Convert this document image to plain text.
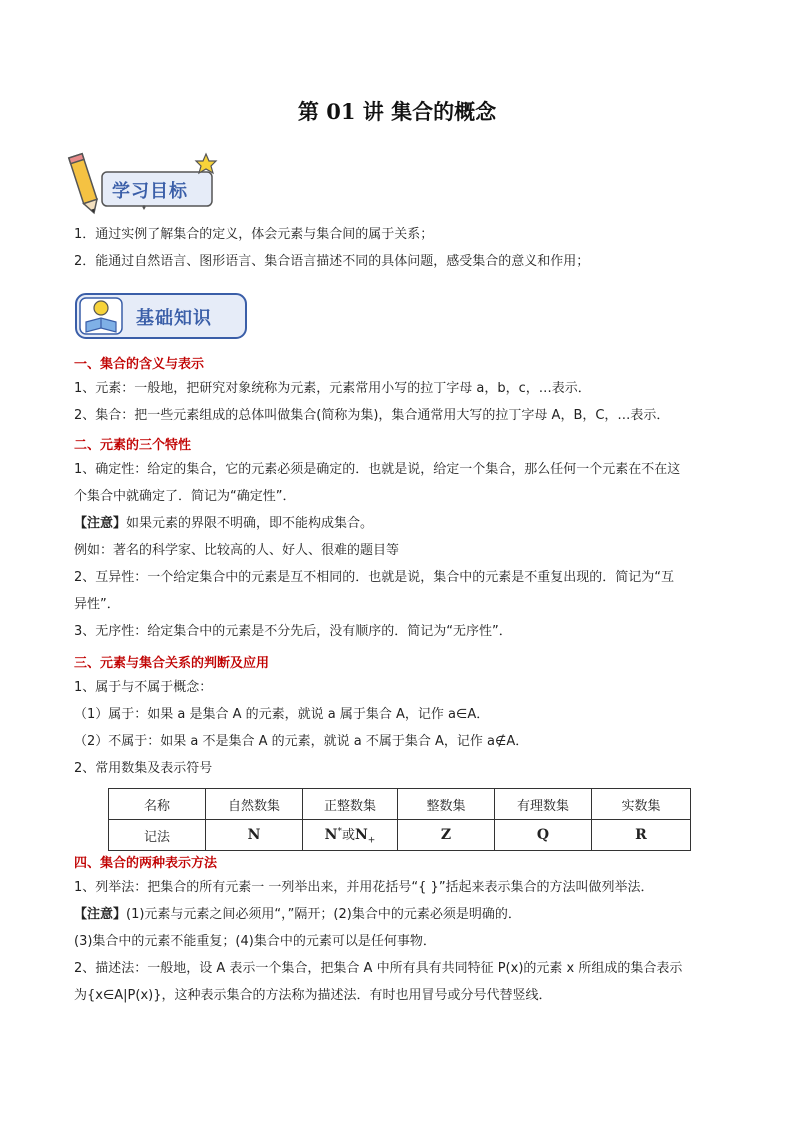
第 01 讲 集合的概念
学习目标
1．通过实例了解集合的定义，体会元素与集合间的属于关系；
2．能通过自然语言、图形语言、集合语言描述不同的具体问题，感受集合的意义和作用；
基础知识
一、集合的含义与表示
1、元素：一般地，把研究对象统称为元素，元素常用小写的拉丁字母 a，b，c，…表示．
2、集合：把一些元素组成的总体叫做集合(简称为集)，集合通常用大写的拉丁字母 A，B，C，…表示．
二、元素的三个特性
1、确定性：给定的集合，它的元素必须是确定的．也就是说，给定一个集合，那么任何一个元素在不在这
个集合中就确定了．简记为“确定性”．
【注意】如果元素的界限不明确，即不能构成集合。
例如：著名的科学家、比较高的人、好人、很难的题目等
2、互异性：一个给定集合中的元素是互不相同的．也就是说，集合中的元素是不重复出现的．简记为“互
异性”．
3、无序性：给定集合中的元素是不分先后，没有顺序的．简记为“无序性”．
三、元素与集合关系的判断及应用
1、属于与不属于概念：
（1）属于：如果 a 是集合 A 的元素，就说 a 属于集合 A，记作 a∈A．
（2）不属于：如果 a 不是集合 A 的元素，就说 a 不属于集合 A，记作 a∉A．
2、常用数集及表示符号
名称	自然数集	正整数集	整数集	有理数集	实数集
记法	N	N*或$N_+$	Z	Q	R
四、集合的两种表示方法
1、列举法：把集合的所有元素一 一列举出来，并用花括号“{ }”括起来表示集合的方法叫做列举法．
【注意】(1)元素与元素之间必须用“，”隔开；(2)集合中的元素必须是明确的．
(3)集合中的元素不能重复；(4)集合中的元素可以是任何事物．
2、描述法：一般地，设 A 表示一个集合，把集合 A 中所有具有共同特征 P(x)的元素 x 所组成的集合表示
为{x∈A|P(x)}，这种表示集合的方法称为描述法．有时也用冒号或分号代替竖线．
